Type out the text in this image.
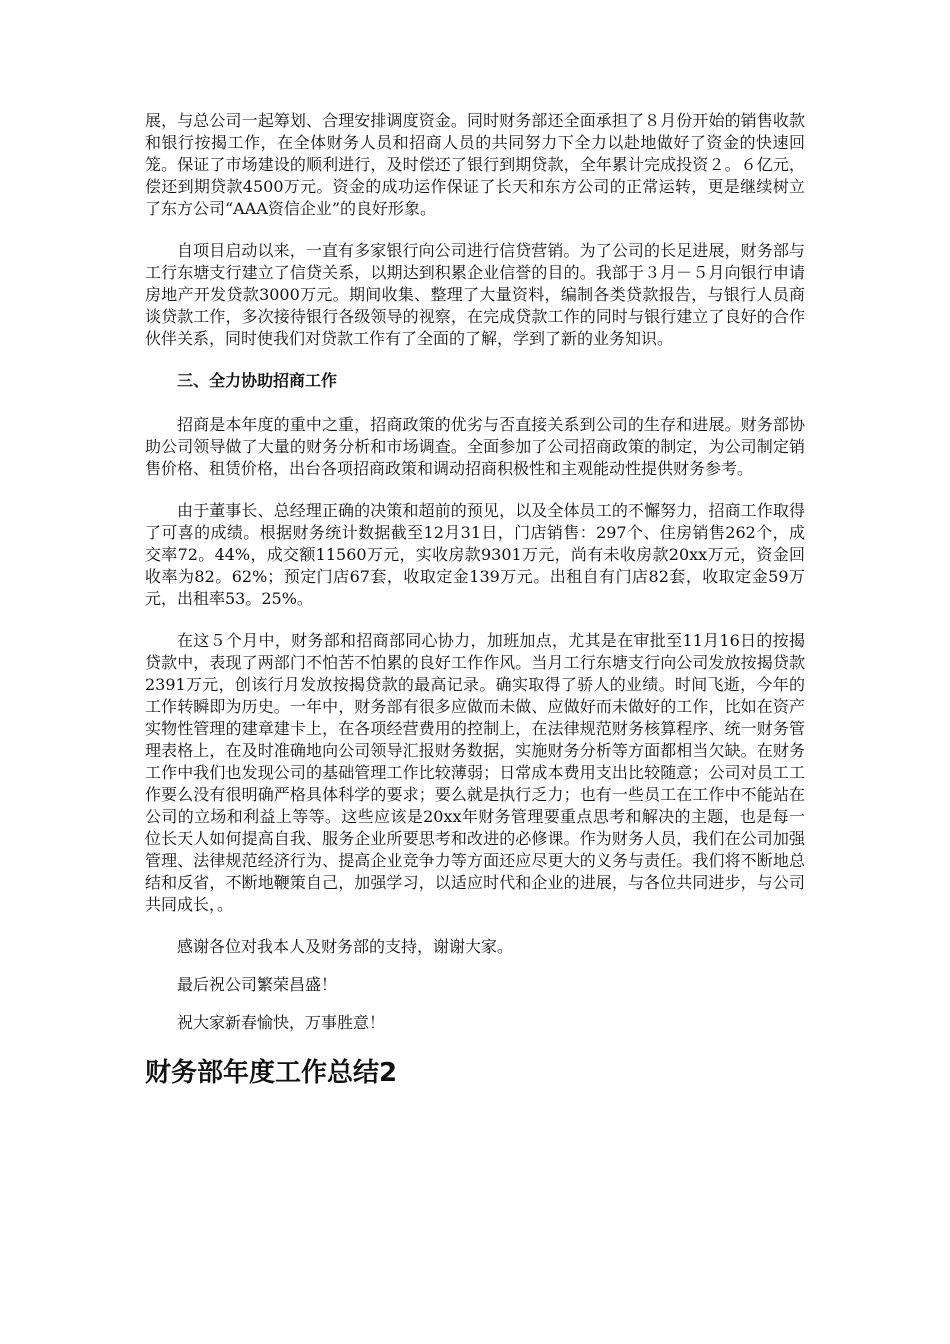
展，与总公司一起筹划、合理安排调度资金。同时财务部还全面承担了８月份开始的销售收款和银行按揭工作，在全体财务人员和招商人员的共同努力下全力以赴地做好了资金的快速回笼。保证了市场建设的顺利进行，及时偿还了银行到期贷款，全年累计完成投资２。６亿元，偿还到期贷款4500万元。资金的成功运作保证了长天和东方公司的正常运转，更是继续树立了东方公司“AAA资信企业”的良好形象。

自项目启动以来，一直有多家银行向公司进行信贷营销。为了公司的长足进展，财务部与工行东塘支行建立了信贷关系，以期达到积累企业信誉的目的。我部于３月－５月向银行申请房地产开发贷款3000万元。期间收集、整理了大量资料，编制各类贷款报告，与银行人员商谈贷款工作，多次接待银行各级领导的视察，在完成贷款工作的同时与银行建立了良好的合作伙伴关系，同时使我们对贷款工作有了全面的了解，学到了新的业务知识。

三、全力协助招商工作

招商是本年度的重中之重，招商政策的优劣与否直接关系到公司的生存和进展。财务部协助公司领导做了大量的财务分析和市场调查。全面参加了公司招商政策的制定，为公司制定销售价格、租赁价格，出台各项招商政策和调动招商积极性和主观能动性提供财务参考。

由于董事长、总经理正确的决策和超前的预见，以及全体员工的不懈努力，招商工作取得了可喜的成绩。根据财务统计数据截至12月31日，门店销售：297个、住房销售262个，成交率72。44%，成交额11560万元，实收房款9301万元，尚有未收房款20xx万元，资金回收率为82。62%；预定门店67套，收取定金139万元。出租自有门店82套，收取定金59万元，出租率53。25%。

在这５个月中，财务部和招商部同心协力，加班加点，尤其是在审批至11月16日的按揭贷款中，表现了两部门不怕苦不怕累的良好工作作风。当月工行东塘支行向公司发放按揭贷款2391万元，创该行月发放按揭贷款的最高记录。确实取得了骄人的业绩。时间飞逝，今年的工作转瞬即为历史。一年中，财务部有很多应做而未做、应做好而未做好的工作，比如在资产实物性管理的建章建卡上，在各项经营费用的控制上，在法律规范财务核算程序、统一财务管理表格上，在及时准确地向公司领导汇报财务数据，实施财务分析等方面都相当欠缺。在财务工作中我们也发现公司的基础管理工作比较薄弱；日常成本费用支出比较随意；公司对员工工作要么没有很明确严格具体科学的要求；要么就是执行乏力；也有一些员工在工作中不能站在公司的立场和利益上等等。这些应该是20xx年财务管理要重点思考和解决的主题，也是每一位长天人如何提高自我、服务企业所要思考和改进的必修课。作为财务人员，我们在公司加强管理、法律规范经济行为、提高企业竞争力等方面还应尽更大的义务与责任。我们将不断地总结和反省，不断地鞭策自己，加强学习，以适应时代和企业的进展，与各位共同进步，与公司共同成长，。

感谢各位对我本人及财务部的支持，谢谢大家。

最后祝公司繁荣昌盛！

祝大家新春愉快，万事胜意！

财务部年度工作总结2
